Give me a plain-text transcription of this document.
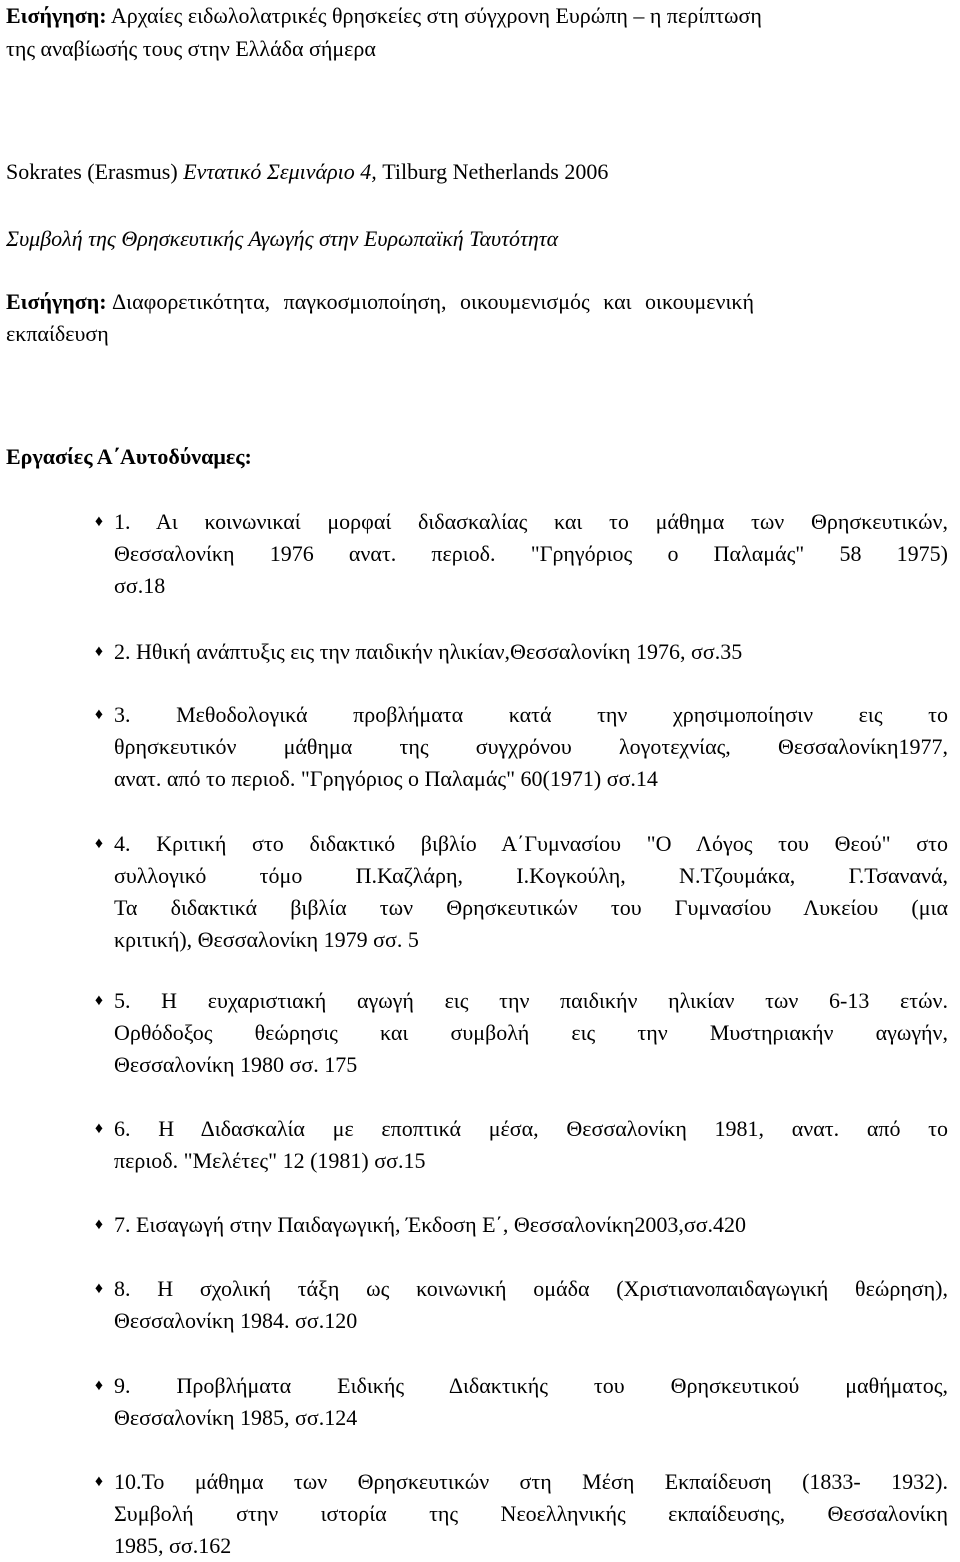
Εισήγηση: Αρχαίες ειδωλολατρικές θρησκείες στη σύγχρονη Ευρώπη – η περίπτωση
της αναβίωσής τους στην Ελλάδα σήμερα
Sokrates (Erasmus) Εντατικό Σεμινάριο 4, Tilburg Netherlands 2006
Συμβολή της Θρησκευτικής Αγωγής στην Ευρωπαϊκή Ταυτότητα
Εισήγηση: Διαφορετικότητα, παγκοσμιοποίηση, οικουμενισμός και οικουμενική
εκπαίδευση
Εργασίες Α΄Αυτοδύναμες:
♦ 1. Αι κοινωνικαί μορφαί διδασκαλίας και το μάθημα των Θρησκευτικών,
Θεσσαλονίκη 1976 ανατ. περιοδ. "Γρηγόριος ο Παλαμάς" 58 1975)
σσ.18
♦ 2. Ηθική ανάπτυξις εις την παιδικήν ηλικίαν,Θεσσαλονίκη 1976, σσ.35
♦ 3. Μεθοδολογικά προβλήματα κατά την χρησιμοποίησιν εις το
θρησκευτικόν μάθημα της συγχρόνου λογοτεχνίας, Θεσσαλονίκη1977,
ανατ. από το περιοδ. "Γρηγόριος ο Παλαμάς" 60(1971) σσ.14
♦ 4. Κριτική στο διδακτικό βιβλίο Α΄Γυμνασίου "Ο Λόγος του Θεού" στο
συλλογικό τόμο Π.Καζλάρη, Ι.Κογκούλη, Ν.Τζουμάκα, Γ.Τσανανά,
Τα διδακτικά βιβλία των Θρησκευτικών του Γυμνασίου Λυκείου (μια
κριτική), Θεσσαλονίκη 1979 σσ. 5
♦ 5. Η ευχαριστιακή αγωγή εις την παιδικήν ηλικίαν των 6-13 ετών.
Ορθόδοξος θεώρησις και συμβολή εις την Μυστηριακήν αγωγήν,
Θεσσαλονίκη 1980 σσ. 175
♦ 6. Η Διδασκαλία με εποπτικά μέσα, Θεσσαλονίκη 1981, ανατ. από το
περιοδ. "Μελέτες" 12 (1981) σσ.15
♦ 7. Εισαγωγή στην Παιδαγωγική, Έκδοση Ε΄, Θεσσαλονίκη2003,σσ.420
♦ 8. Η σχολική τάξη ως κοινωνική ομάδα (Χριστιανοπαιδαγωγική θεώρηση),
Θεσσαλονίκη 1984. σσ.120
♦ 9. Προβλήματα Ειδικής Διδακτικής του Θρησκευτικού μαθήματος,
Θεσσαλονίκη 1985, σσ.124
♦ 10.Το μάθημα των Θρησκευτικών στη Μέση Εκπαίδευση (1833- 1932).
Συμβολή στην ιστορία της Νεοελληνικής εκπαίδευσης, Θεσσαλονίκη
1985, σσ.162
